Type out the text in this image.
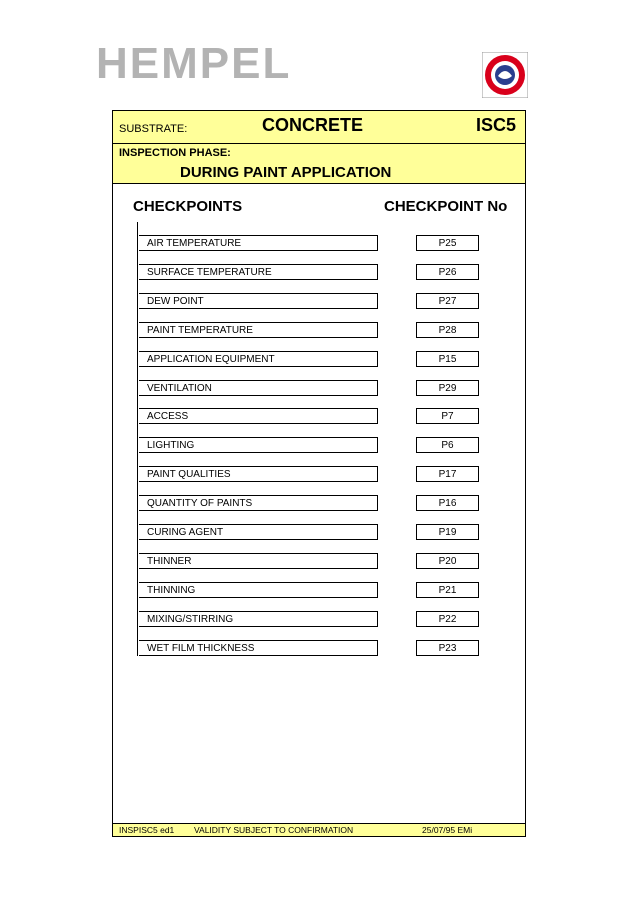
HEMPEL
SUBSTRATE:	CONCRETE	ISC5
INSPECTION PHASE:
DURING PAINT APPLICATION
CHECKPOINTS	CHECKPOINT No
AIR TEMPERATURE	P25
SURFACE TEMPERATURE	P26
DEW POINT	P27
PAINT TEMPERATURE	P28
APPLICATION EQUIPMENT	P15
VENTILATION	P29
ACCESS	P7
LIGHTING	P6
PAINT QUALITIES	P17
QUANTITY OF PAINTS	P16
CURING AGENT	P19
THINNER	P20
THINNING	P21
MIXING/STIRRING	P22
WET FILM THICKNESS	P23
INSPISC5 ed1 VALIDITY SUBJECT TO CONFIRMATION	25/07/95 EMi
